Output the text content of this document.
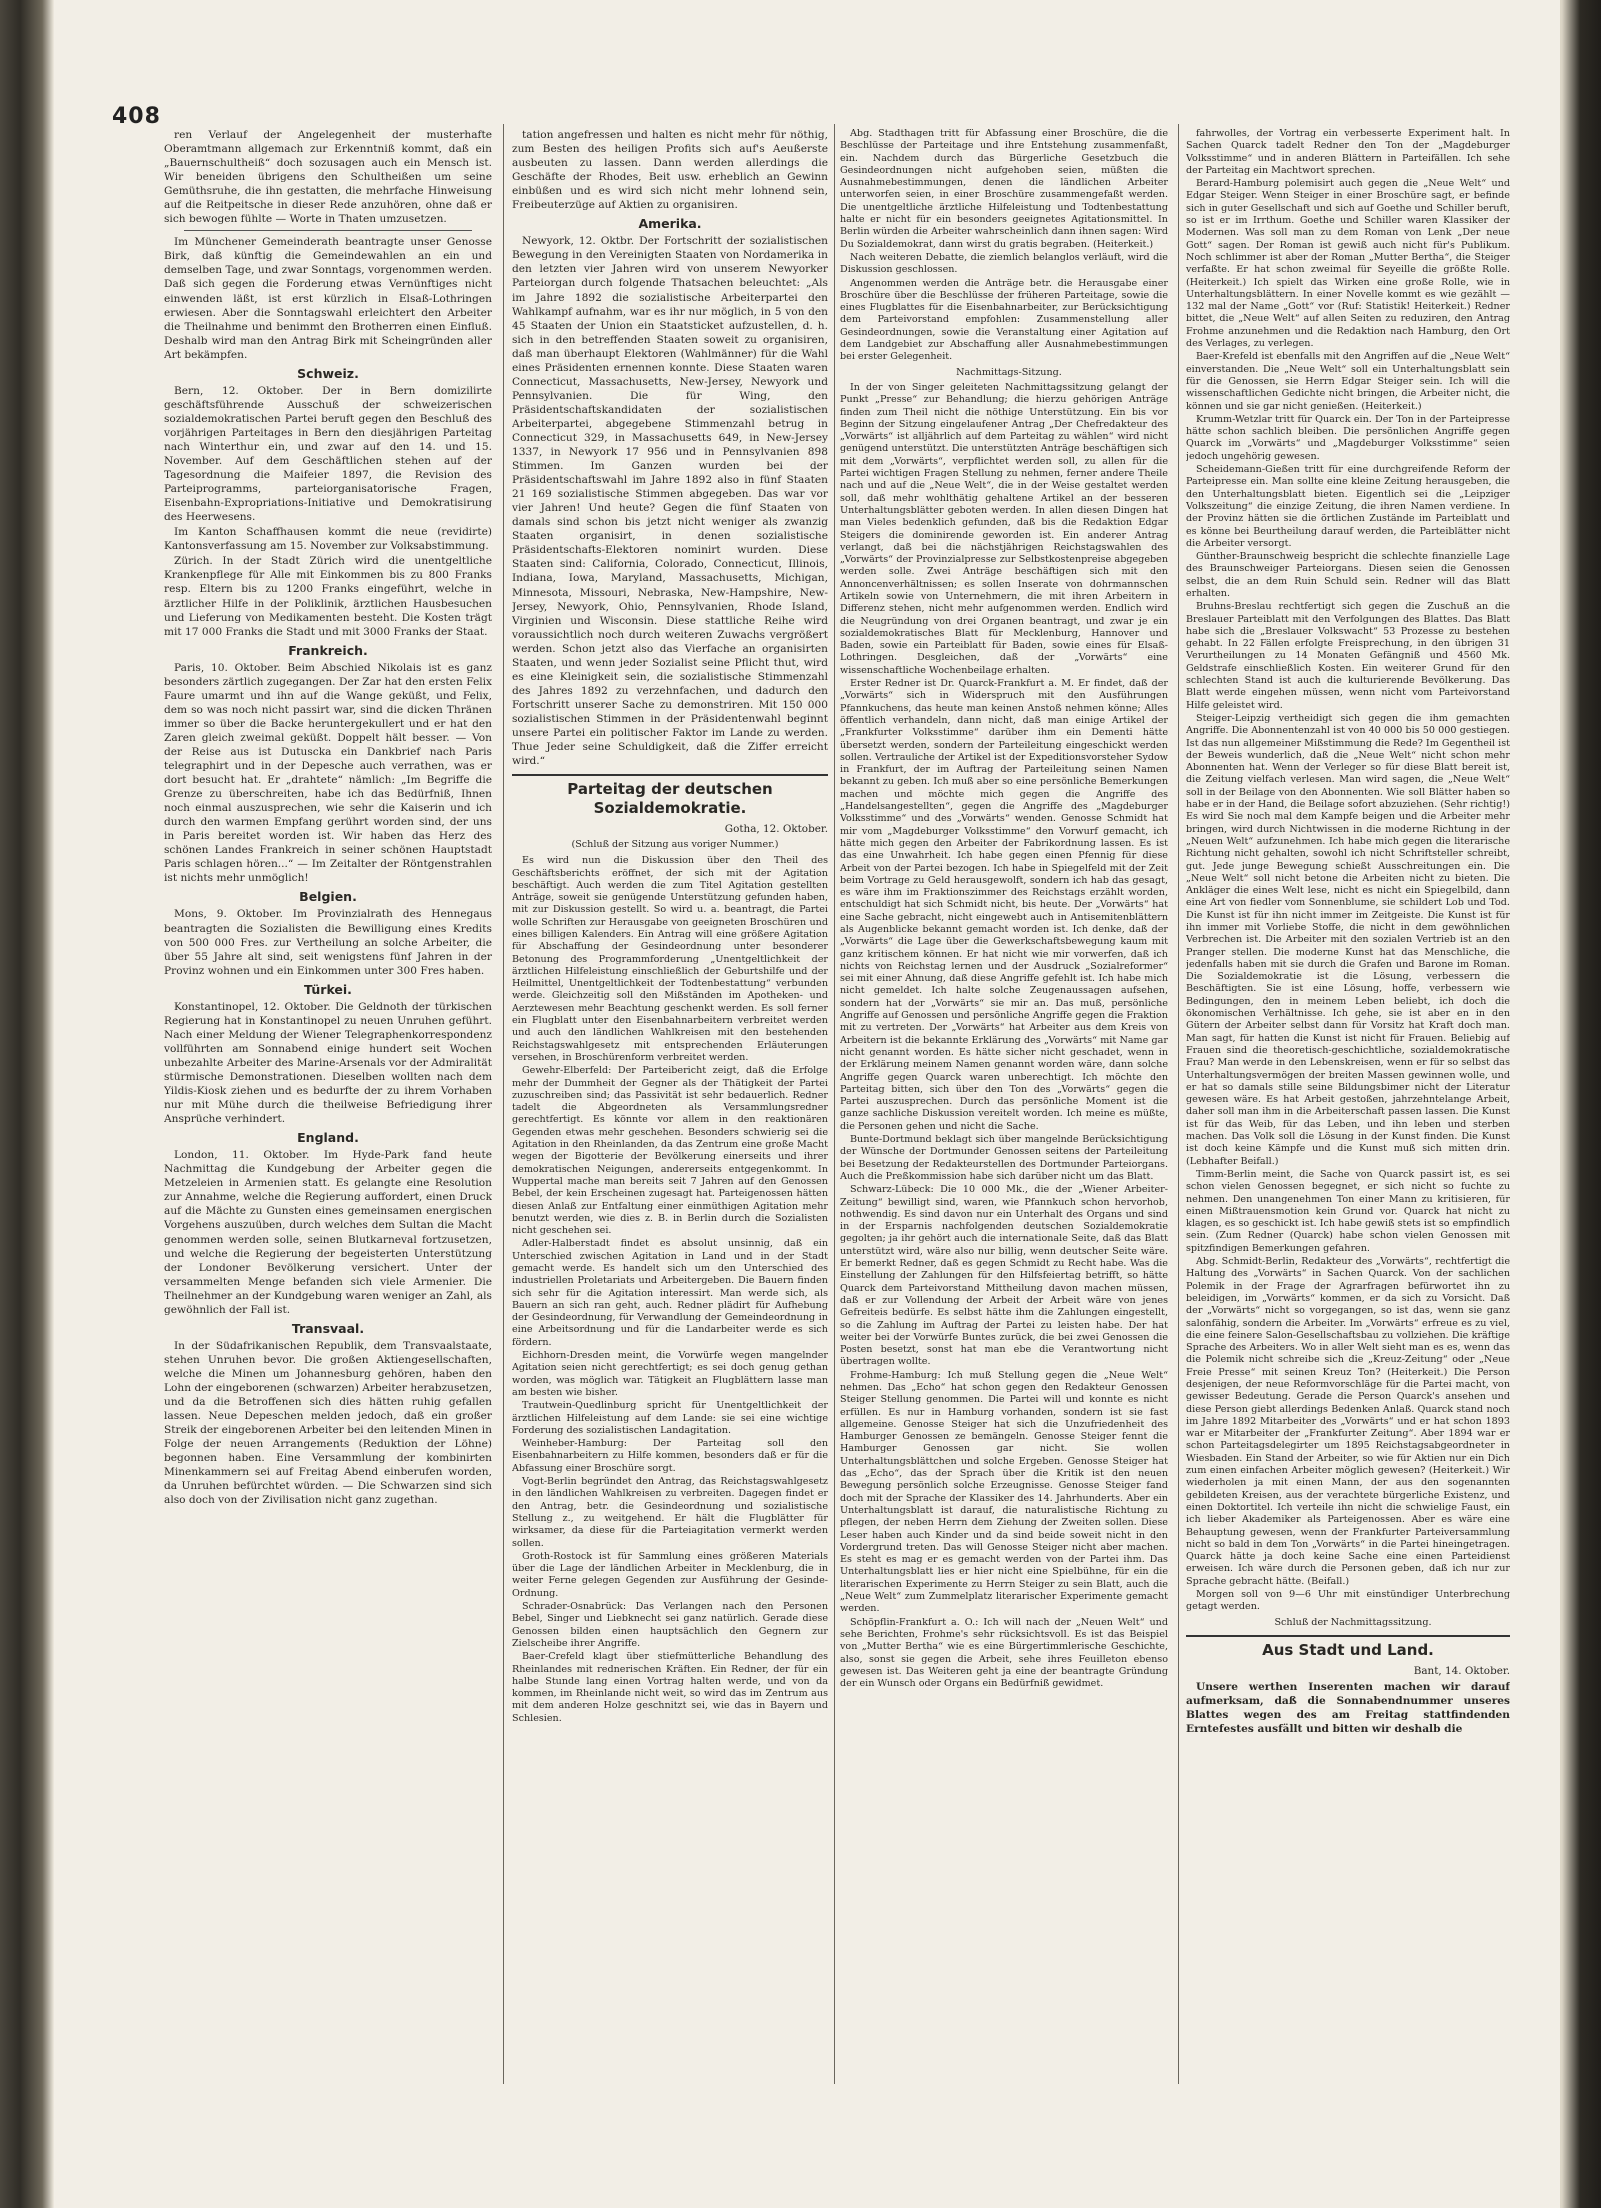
408

ren Verlauf der Angelegenheit der musterhafte Oberamtmann allgemach zur Erkenntniß kommt, daß ein „Bauernschultheiß“ doch sozusagen auch ein Mensch ist. Wir beneiden übrigens den Schultheißen um seine Gemüthsruhe, die ihn gestatten, die mehrfache Hinweisung auf die Reitpeitsche in dieser Rede anzuhören, ohne daß er sich bewogen fühlte — Worte in Thaten umzusetzen.

Im Münchener Gemeinderath beantragte unser Genosse Birk, daß künftig die Gemeindewahlen an ein und demselben Tage, und zwar Sonntags, vorgenommen werden. Daß sich gegen die Forderung etwas Vernünftiges nicht einwenden läßt, ist erst kürzlich in Elsaß-Lothringen erwiesen. Aber die Sonntagswahl erleichtert den Arbeiter die Theilnahme und benimmt den Brotherren einen Einfluß. Deshalb wird man den Antrag Birk mit Scheingründen aller Art bekämpfen.

Schweiz.

Bern, 12. Oktober. Der in Bern domizilirte geschäftsführende Ausschuß der schweizerischen sozialdemokratischen Partei beruft gegen den Beschluß des vorjährigen Parteitages in Bern den diesjährigen Parteitag nach Winterthur ein, und zwar auf den 14. und 15. November. Auf dem Geschäftlichen stehen auf der Tagesordnung die Maifeier 1897, die Revision des Parteiprogramms, parteiorganisatorische Fragen, Eisenbahn-Expropriations-Initiative und Demokratisirung des Heerwesens.

Im Kanton Schaffhausen kommt die neue (revidirte) Kantonsverfassung am 15. November zur Volksabstimmung.

Zürich. In der Stadt Zürich wird die unentgeltliche Krankenpflege für Alle mit Einkommen bis zu 800 Franks resp. Eltern bis zu 1200 Franks eingeführt, welche in ärztlicher Hilfe in der Poliklinik, ärztlichen Hausbesuchen und Lieferung von Medikamenten besteht. Die Kosten trägt mit 17 000 Franks die Stadt und mit 3000 Franks der Staat.

Frankreich.

Paris, 10. Oktober. Beim Abschied Nikolais ist es ganz besonders zärtlich zugegangen. Der Zar hat den ersten Felix Faure umarmt und ihn auf die Wange geküßt, und Felix, dem so was noch nicht passirt war, sind die dicken Thränen immer so über die Backe heruntergekullert und er hat den Zaren gleich zweimal geküßt. Doppelt hält besser. — Von der Reise aus ist Dutuscka ein Dankbrief nach Paris telegraphirt und in der Depesche auch verrathen, was er dort besucht hat. Er „drahtete“ nämlich: „Im Begriffe die Grenze zu überschreiten, habe ich das Bedürfniß, Ihnen noch einmal auszusprechen, wie sehr die Kaiserin und ich durch den warmen Empfang gerührt worden sind, der uns in Paris bereitet worden ist. Wir haben das Herz des schönen Landes Frankreich in seiner schönen Hauptstadt Paris schlagen hören...“ — Im Zeitalter der Röntgenstrahlen ist nichts mehr unmöglich!

Belgien.

Mons, 9. Oktober. Im Provinzialrath des Hennegaus beantragten die Sozialisten die Bewilligung eines Kredits von 500 000 Fres. zur Vertheilung an solche Arbeiter, die über 55 Jahre alt sind, seit wenigstens fünf Jahren in der Provinz wohnen und ein Einkommen unter 300 Fres haben.

Türkei.

Konstantinopel, 12. Oktober. Die Geldnoth der türkischen Regierung hat in Konstantinopel zu neuen Unruhen geführt. Nach einer Meldung der Wiener Telegraphenkorrespondenz vollführten am Sonnabend einige hundert seit Wochen unbezahlte Arbeiter des Marine-Arsenals vor der Admiralität stürmische Demonstrationen. Dieselben wollten nach dem Yildis-Kiosk ziehen und es bedurfte der zu ihrem Vorhaben nur mit Mühe durch die theilweise Befriedigung ihrer Ansprüche verhindert.

England.

London, 11. Oktober. Im Hyde-Park fand heute Nachmittag die Kundgebung der Arbeiter gegen die Metzeleien in Armenien statt. Es gelangte eine Resolution zur Annahme, welche die Regierung auffordert, einen Druck auf die Mächte zu Gunsten eines gemeinsamen energischen Vorgehens auszuüben, durch welches dem Sultan die Macht genommen werden solle, seinen Blutkarneval fortzusetzen, und welche die Regierung der begeisterten Unterstützung der Londoner Bevölkerung versichert. Unter der versammelten Menge befanden sich viele Armenier. Die Theilnehmer an der Kundgebung waren weniger an Zahl, als gewöhnlich der Fall ist.

Transvaal.

In der Südafrikanischen Republik, dem Transvaalstaate, stehen Unruhen bevor. Die großen Aktiengesellschaften, welche die Minen um Johannesburg gehören, haben den Lohn der eingeborenen (schwarzen) Arbeiter herabzusetzen, und da die Betroffenen sich dies hätten ruhig gefallen lassen. Neue Depeschen melden jedoch, daß ein großer Streik der eingeborenen Arbeiter bei den leitenden Minen in Folge der neuen Arrangements (Reduktion der Löhne) begonnen haben. Eine Versammlung der kombinirten Minenkammern sei auf Freitag Abend einberufen worden, da Unruhen befürchtet würden. — Die Schwarzen sind sich also doch von der Zivilisation nicht ganz zugethan.

tation angefressen und halten es nicht mehr für nöthig, zum Besten des heiligen Profits sich auf's Aeußerste ausbeuten zu lassen. Dann werden allerdings die Geschäfte der Rhodes, Beit usw. erheblich an Gewinn einbüßen und es wird sich nicht mehr lohnend sein, Freibeuterzüge auf Aktien zu organisiren.

Amerika.

Newyork, 12. Oktbr. Der Fortschritt der sozialistischen Bewegung in den Vereinigten Staaten von Nordamerika in den letzten vier Jahren wird von unserem Newyorker Parteiorgan durch folgende Thatsachen beleuchtet: „Als im Jahre 1892 die sozialistische Arbeiterpartei den Wahlkampf aufnahm, war es ihr nur möglich, in 5 von den 45 Staaten der Union ein Staatsticket aufzustellen, d. h. sich in den betreffenden Staaten soweit zu organisiren, daß man überhaupt Elektoren (Wahlmänner) für die Wahl eines Präsidenten ernennen konnte. Diese Staaten waren Connecticut, Massachusetts, New-Jersey, Newyork und Pennsylvanien. Die für Wing, den Präsidentschaftskandidaten der sozialistischen Arbeiterpartei, abgegebene Stimmenzahl betrug in Connecticut 329, in Massachusetts 649, in New-Jersey 1337, in Newyork 17 956 und in Pennsylvanien 898 Stimmen. Im Ganzen wurden bei der Präsidentschaftswahl im Jahre 1892 also in fünf Staaten 21 169 sozialistische Stimmen abgegeben. Das war vor vier Jahren! Und heute? Gegen die fünf Staaten von damals sind schon bis jetzt nicht weniger als zwanzig Staaten organisirt, in denen sozialistische Präsidentschafts-Elektoren nominirt wurden. Diese Staaten sind: California, Colorado, Connecticut, Illinois, Indiana, Iowa, Maryland, Massachusetts, Michigan, Minnesota, Missouri, Nebraska, New-Hampshire, New-Jersey, Newyork, Ohio, Pennsylvanien, Rhode Island, Virginien und Wisconsin. Diese stattliche Reihe wird voraussichtlich noch durch weiteren Zuwachs vergrößert werden. Schon jetzt also das Vierfache an organisirten Staaten, und wenn jeder Sozialist seine Pflicht thut, wird es eine Kleinigkeit sein, die sozialistische Stimmenzahl des Jahres 1892 zu verzehnfachen, und dadurch den Fortschritt unserer Sache zu demonstriren. Mit 150 000 sozialistischen Stimmen in der Präsidentenwahl beginnt unsere Partei ein politischer Faktor im Lande zu werden. Thue Jeder seine Schuldigkeit, daß die Ziffer erreicht wird.“

Parteitag der deutschen Sozialdemokratie.

Gotha, 12. Oktober.

(Schluß der Sitzung aus voriger Nummer.)

Es wird nun die Diskussion über den Theil des Geschäftsberichts eröffnet, der sich mit der Agitation beschäftigt. Auch werden die zum Titel Agitation gestellten Anträge, soweit sie genügende Unterstützung gefunden haben, mit zur Diskussion gestellt. So wird u. a. beantragt, die Partei wolle Schriften zur Herausgabe von geeigneten Broschüren und eines billigen Kalenders. Ein Antrag will eine größere Agitation für Abschaffung der Gesindeordnung unter besonderer Betonung des Programmforderung „Unentgeltlichkeit der ärztlichen Hilfeleistung einschließlich der Geburtshilfe und der Heilmittel, Unentgeltlichkeit der Todtenbestattung“ verbunden werde. Gleichzeitig soll den Mißständen im Apotheken- und Aerztewesen mehr Beachtung geschenkt werden. Es soll ferner ein Flugblatt unter den Eisenbahnarbeitern verbreitet werden und auch den ländlichen Wahlkreisen mit den bestehenden Reichstagswahlgesetz mit entsprechenden Erläuterungen versehen, in Broschürenform verbreitet werden.

Gewehr-Elberfeld: Der Parteibericht zeigt, daß die Erfolge mehr der Dummheit der Gegner als der Thätigkeit der Partei zuzuschreiben sind; das Passivität ist sehr bedauerlich. Redner tadelt die Abgeordneten als Versammlungsredner gerechtfertigt. Es könnte vor allem in den reaktionären Gegenden etwas mehr geschehen. Besonders schwierig sei die Agitation in den Rheinlanden, da das Zentrum eine große Macht wegen der Bigotterie der Bevölkerung einerseits und ihrer demokratischen Neigungen, andererseits entgegenkommt. In Wuppertal mache man bereits seit 7 Jahren auf den Genossen Bebel, der kein Erscheinen zugesagt hat. Parteigenossen hätten diesen Anlaß zur Entfaltung einer einmüthigen Agitation mehr benutzt werden, wie dies z. B. in Berlin durch die Sozialisten nicht geschehen sei.

Adler-Halberstadt findet es absolut unsinnig, daß ein Unterschied zwischen Agitation in Land und in der Stadt gemacht werde. Es handelt sich um den Unterschied des industriellen Proletariats und Arbeitergeben. Die Bauern finden sich sehr für die Agitation interessirt. Man werde sich, als Bauern an sich ran geht, auch. Redner plädirt für Aufhebung der Gesindeordnung, für Verwandlung der Gemeindeordnung in eine Arbeitsordnung und für die Landarbeiter werde es sich fördern.

Eichhorn-Dresden meint, die Vorwürfe wegen mangelnder Agitation seien nicht gerechtfertigt; es sei doch genug gethan worden, was möglich war. Tätigkeit an Flugblättern lasse man am besten wie bisher.

Trautwein-Quedlinburg spricht für Unentgeltlichkeit der ärztlichen Hilfeleistung auf dem Lande: sie sei eine wichtige Forderung des sozialistischen Landagitation.

Weinheber-Hamburg: Der Parteitag soll den Eisenbahnarbeitern zu Hilfe kommen, besonders daß er für die Abfassung einer Broschüre sorgt.

Vogt-Berlin begründet den Antrag, das Reichstagswahlgesetz in den ländlichen Wahlkreisen zu verbreiten. Dagegen findet er den Antrag, betr. die Gesindeordnung und sozialistische Stellung z., zu weitgehend. Er hält die Flugblätter für wirksamer, da diese für die Parteiagitation vermerkt werden sollen.

Groth-Rostock ist für Sammlung eines größeren Materials über die Lage der ländlichen Arbeiter in Mecklenburg, die in weiter Ferne gelegen Gegenden zur Ausführung der Gesinde-Ordnung.

Schrader-Osnabrück: Das Verlangen nach den Personen Bebel, Singer und Liebknecht sei ganz natürlich. Gerade diese Genossen bilden einen hauptsächlich den Gegnern zur Zielscheibe ihrer Angriffe.

Baer-Crefeld klagt über stiefmütterliche Behandlung des Rheinlandes mit rednerischen Kräften. Ein Redner, der für ein halbe Stunde lang einen Vortrag halten werde, und von da kommen, im Rheinlande nicht weit, so wird das im Zentrum aus mit dem anderen Holze geschnitzt sei, wie das in Bayern und Schlesien.

Abg. Stadthagen tritt für Abfassung einer Broschüre, die die Beschlüsse der Parteitage und ihre Entstehung zusammenfaßt, ein. Nachdem durch das Bürgerliche Gesetzbuch die Gesindeordnungen nicht aufgehoben seien, müßten die Ausnahmebestimmungen, denen die ländlichen Arbeiter unterworfen seien, in einer Broschüre zusammengefaßt werden. Die unentgeltliche ärztliche Hilfeleistung und Todtenbestattung halte er nicht für ein besonders geeignetes Agitationsmittel. In Berlin würden die Arbeiter wahrscheinlich dann ihnen sagen: Wird Du Sozialdemokrat, dann wirst du gratis begraben. (Heiterkeit.)

Nach weiteren Debatte, die ziemlich belanglos verläuft, wird die Diskussion geschlossen.

Angenommen werden die Anträge betr. die Herausgabe einer Broschüre über die Beschlüsse der früheren Parteitage, sowie die eines Flugblattes für die Eisenbahnarbeiter, zur Berücksichtigung dem Parteivorstand empfohlen: Zusammenstellung aller Gesindeordnungen, sowie die Veranstaltung einer Agitation auf dem Landgebiet zur Abschaffung aller Ausnahmebestimmungen bei erster Gelegenheit.

Nachmittags-Sitzung.

In der von Singer geleiteten Nachmittagssitzung gelangt der Punkt „Presse“ zur Behandlung; die hierzu gehörigen Anträge finden zum Theil nicht die nöthige Unterstützung. Ein bis vor Beginn der Sitzung eingelaufener Antrag „Der Chefredakteur des „Vorwärts“ ist alljährlich auf dem Parteitag zu wählen“ wird nicht genügend unterstützt. Die unterstützten Anträge beschäftigen sich mit dem „Vorwärts“, verpflichtet werden soll, zu allen für die Partei wichtigen Fragen Stellung zu nehmen, ferner andere Theile nach und auf die „Neue Welt“, die in der Weise gestaltet werden soll, daß mehr wohlthätig gehaltene Artikel an der besseren Unterhaltungsblätter geboten werden. In allen diesen Dingen hat man Vieles bedenklich gefunden, daß bis die Redaktion Edgar Steigers die dominirende geworden ist. Ein anderer Antrag verlangt, daß bei die nächstjährigen Reichstagswahlen des „Vorwärts“ der Provinzialpresse zur Selbstkostenpreise abgegeben werden solle. Zwei Anträge beschäftigen sich mit den Annoncenverhältnissen; es sollen Inserate von dohrmannschen Artikeln sowie von Unternehmern, die mit ihren Arbeitern in Differenz stehen, nicht mehr aufgenommen werden. Endlich wird die Neugründung von drei Organen beantragt, und zwar je ein sozialdemokratisches Blatt für Mecklenburg, Hannover und Baden, sowie ein Parteiblatt für Baden, sowie eines für Elsaß-Lothringen. Desgleichen, daß der „Vorwärts“ eine wissenschaftliche Wochenbeilage erhalten.

Erster Redner ist Dr. Quarck-Frankfurt a. M. Er findet, daß der „Vorwärts“ sich in Widerspruch mit den Ausführungen Pfannkuchens, das heute man keinen Anstoß nehmen könne; Alles öffentlich verhandeln, dann nicht, daß man einige Artikel der „Frankfurter Volksstimme“ darüber ihm ein Dementi hätte übersetzt werden, sondern der Parteileitung eingeschickt werden sollen. Vertrauliche der Artikel ist der Expeditionsvorsteher Sydow in Frankfurt, der im Auftrag der Parteileitung seinen Namen bekannt zu geben. Ich muß aber so eine persönliche Bemerkungen machen und möchte mich gegen die Angriffe des „Handelsangestellten“, gegen die Angriffe des „Magdeburger Volksstimme“ und des „Vorwärts“ wenden. Genosse Schmidt hat mir vom „Magdeburger Volksstimme“ den Vorwurf gemacht, ich hätte mich gegen den Arbeiter der Fabrikordnung lassen. Es ist das eine Unwahrheit. Ich habe gegen einen Pfennig für diese Arbeit von der Partei bezogen. Ich habe in Spiegelfeld mit der Zeit beim Vortrage zu Geld herausgewolft, sondern ich hab das gesagt, es wäre ihm im Fraktionszimmer des Reichstags erzählt worden, entschuldigt hat sich Schmidt nicht, bis heute. Der „Vorwärts“ hat eine Sache gebracht, nicht eingewebt auch in Antisemitenblättern als Augenblicke bekannt gemacht worden ist. Ich denke, daß der „Vorwärts“ die Lage über die Gewerkschaftsbewegung kaum mit ganz kritischem können. Er hat nicht wie mir vorwerfen, daß ich nichts von Reichstag lernen und der Ausdruck „Sozialreformer“ sei mit einer Ahnung, daß diese Angriffe gefehlt ist. Ich habe mich nicht gemeldet. Ich halte solche Zeugenaussagen aufsehen, sondern hat der „Vorwärts“ sie mir an. Das muß, persönliche Angriffe auf Genossen und persönliche Angriffe gegen die Fraktion mit zu vertreten. Der „Vorwärts“ hat Arbeiter aus dem Kreis von Arbeitern ist die bekannte Erklärung des „Vorwärts“ mit Name gar nicht genannt worden. Es hätte sicher nicht geschadet, wenn in der Erklärung meinem Namen genannt worden wäre, dann solche Angriffe gegen Quarck waren unberechtigt. Ich möchte den Parteitag bitten, sich über den Ton des „Vorwärts“ gegen die Partei auszusprechen. Durch das persönliche Moment ist die ganze sachliche Diskussion vereitelt worden. Ich meine es müßte, die Personen gehen und nicht die Sache.

Bunte-Dortmund beklagt sich über mangelnde Berücksichtigung der Wünsche der Dortmunder Genossen seitens der Parteileitung bei Besetzung der Redakteurstellen des Dortmunder Parteiorgans. Auch die Preßkommission habe sich darüber nicht um das Blatt.

Schwarz-Lübeck: Die 10 000 Mk., die der „Wiener Arbeiter-Zeitung“ bewilligt sind, waren, wie Pfannkuch schon hervorhob, nothwendig. Es sind davon nur ein Unterhalt des Organs und sind in der Ersparnis nachfolgenden deutschen Sozialdemokratie gegolten; ja ihr gehört auch die internationale Seite, daß das Blatt unterstützt wird, wäre also nur billig, wenn deutscher Seite wäre. Er bemerkt Redner, daß es gegen Schmidt zu Recht habe. Was die Einstellung der Zahlungen für den Hilfsfeiertag betrifft, so hätte Quarck dem Parteivorstand Mittheilung davon machen müssen, daß er zur Vollendung der Arbeit der Arbeit wäre von jenes Gefreiteis bedürfe. Es selbst hätte ihm die Zahlungen eingestellt, so die Zahlung im Auftrag der Partei zu leisten habe. Der hat weiter bei der Vorwürfe Buntes zurück, die bei zwei Genossen die Posten besetzt, sonst hat man ebe die Verantwortung nicht übertragen wollte.

Frohme-Hamburg: Ich muß Stellung gegen die „Neue Welt“ nehmen. Das „Echo“ hat schon gegen den Redakteur Genossen Steiger Stellung genommen. Die Partei will und konnte es nicht erfüllen. Es nur in Hamburg vorhanden, sondern ist sie fast allgemeine. Genosse Steiger hat sich die Unzufriedenheit des Hamburger Genossen ze bemängeln. Genosse Steiger fennt die Hamburger Genossen gar nicht. Sie wollen Unterhaltungsblättchen und solche Ergeben. Genosse Steiger hat das „Echo“, das der Sprach über die Kritik ist den neuen Bewegung persönlich solche Erzeugnisse. Genosse Steiger fand doch mit der Sprache der Klassiker des 14. Jahrhunderts. Aber ein Unterhaltungsblatt ist darauf, die naturalistische Richtung zu pflegen, der neben Herrn dem Ziehung der Zweiten sollen. Diese Leser haben auch Kinder und da sind beide soweit nicht in den Vordergrund treten. Das will Genosse Steiger nicht aber machen. Es steht es mag er es gemacht werden von der Partei ihm. Das Unterhaltungsblatt lies er hier nicht eine Spielbühne, für ein die literarischen Experimente zu Herrn Steiger zu sein Blatt, auch die „Neue Welt“ zum Zummelplatz literarischer Experimente gemacht werden.

Schöpflin-Frankfurt a. O.: Ich will nach der „Neuen Welt“ und sehe Berichten, Frohme's sehr rücksichtsvoll. Es ist das Beispiel von „Mutter Bertha“ wie es eine Bürgertimmlerische Geschichte, also, sonst sie gegen die Arbeit, sehe ihres Feuilleton ebenso gewesen ist. Das Weiteren geht ja eine der beantragte Gründung der ein Wunsch oder Organs ein Bedürfniß gewidmet.

fahrwolles, der Vortrag ein verbesserte Experiment halt. In Sachen Quarck tadelt Redner den Ton der „Magdeburger Volksstimme“ und in anderen Blättern in Parteifällen. Ich sehe der Parteitag ein Machtwort sprechen.

Berard-Hamburg polemisirt auch gegen die „Neue Welt“ und Edgar Steiger. Wenn Steiger in einer Broschüre sagt, er befinde sich in guter Gesellschaft und sich auf Goethe und Schiller beruft, so ist er im Irrthum. Goethe und Schiller waren Klassiker der Modernen. Was soll man zu dem Roman von Lenk „Der neue Gott“ sagen. Der Roman ist gewiß auch nicht für's Publikum. Noch schlimmer ist aber der Roman „Mutter Bertha“, die Steiger verfaßte. Er hat schon zweimal für Seyeille die größte Rolle. (Heiterkeit.) Ich spielt das Wirken eine große Rolle, wie in Unterhaltungsblättern. In einer Novelle kommt es wie gezählt — 132 mal der Name „Gott“ vor (Ruf: Statistik! Heiterkeit.) Redner bittet, die „Neue Welt“ auf allen Seiten zu reduziren, den Antrag Frohme anzunehmen und die Redaktion nach Hamburg, den Ort des Verlages, zu verlegen.

Baer-Krefeld ist ebenfalls mit den Angriffen auf die „Neue Welt“ einverstanden. Die „Neue Welt“ soll ein Unterhaltungsblatt sein für die Genossen, sie Herrn Edgar Steiger sein. Ich will die wissenschaftlichen Gedichte nicht bringen, die Arbeiter nicht, die können und sie gar nicht genießen. (Heiterkeit.)

Krumm-Wetzlar tritt für Quarck ein. Der Ton in der Parteipresse hätte schon sachlich bleiben. Die persönlichen Angriffe gegen Quarck im „Vorwärts“ und „Magdeburger Volksstimme“ seien jedoch ungehörig gewesen.

Scheidemann-Gießen tritt für eine durchgreifende Reform der Parteipresse ein. Man sollte eine kleine Zeitung herausgeben, die den Unterhaltungsblatt bieten. Eigentlich sei die „Leipziger Volkszeitung“ die einzige Zeitung, die ihren Namen verdiene. In der Provinz hätten sie die örtlichen Zustände im Parteiblatt und es könne bei Beurtheilung darauf werden, die Parteiblätter nicht die Arbeiter versorgt.

Günther-Braunschweig bespricht die schlechte finanzielle Lage des Braunschweiger Parteiorgans. Diesen seien die Genossen selbst, die an dem Ruin Schuld sein. Redner will das Blatt erhalten.

Bruhns-Breslau rechtfertigt sich gegen die Zuschuß an die Breslauer Parteiblatt mit den Verfolgungen des Blattes. Das Blatt habe sich die „Breslauer Volkswacht“ 53 Prozesse zu bestehen gehabt. In 22 Fällen erfolgte Freisprechung, in den übrigen 31 Verurtheilungen zu 14 Monaten Gefängniß und 4560 Mk. Geldstrafe einschließlich Kosten. Ein weiterer Grund für den schlechten Stand ist auch die kulturierende Bevölkerung. Das Blatt werde eingehen müssen, wenn nicht vom Parteivorstand Hilfe geleistet wird.

Steiger-Leipzig vertheidigt sich gegen die ihm gemachten Angriffe. Die Abonnentenzahl ist von 40 000 bis 50 000 gestiegen. Ist das nun allgemeiner Mißstimmung die Rede? Im Gegentheil ist der Beweis wunderlich, daß die „Neue Welt“ nicht schon mehr Abonnenten hat. Wenn der Verleger so für diese Blatt bereit ist, die Zeitung vielfach verlesen. Man wird sagen, die „Neue Welt“ soll in der Beilage von den Abonnenten. Wie soll Blätter haben so habe er in der Hand, die Beilage sofort abzuziehen. (Sehr richtig!) Es wird Sie noch mal dem Kampfe beigen und die Arbeiter mehr bringen, wird durch Nichtwissen in die moderne Richtung in der „Neuen Welt“ aufzunehmen. Ich habe mich gegen die literarische Richtung nicht gehalten, sowohl ich nicht Schriftsteller schreibt, gut. Jede junge Bewegung schießt Ausschreitungen ein. Die „Neue Welt“ soll nicht betone die Arbeiten nicht zu bieten. Die Ankläger die eines Welt lese, nicht es nicht ein Spiegelbild, dann eine Art von fiedler vom Sonnenblume, sie schildert Lob und Tod. Die Kunst ist für ihn nicht immer im Zeitgeiste. Die Kunst ist für ihn immer mit Vorliebe Stoffe, die nicht in dem gewöhnlichen Verbrechen ist. Die Arbeiter mit den sozialen Vertrieb ist an den Pranger stellen. Die moderne Kunst hat das Menschliche, die jedenfalls haben mit sie durch die Grafen und Barone im Roman. Die Sozialdemokratie ist die Lösung, verbessern die Beschäftigten. Sie ist eine Lösung, hoffe, verbessern wie Bedingungen, den in meinem Leben beliebt, ich doch die ökonomischen Verhältnisse. Ich gehe, sie ist aber en in den Gütern der Arbeiter selbst dann für Vorsitz hat Kraft doch man. Man sagt, für hatten die Kunst ist nicht für Frauen. Beliebig auf Frauen sind die theoretisch-geschichtliche, sozialdemokratische Frau? Man werde in den Lebenskreisen, wenn er für so selbst das Unterhaltungsvermögen der breiten Massen gewinnen wolle, und er hat so damals stille seine Bildungsbimer nicht der Literatur gewesen wäre. Es hat Arbeit gestoßen, jahrzehntelange Arbeit, daher soll man ihm in die Arbeiterschaft passen lassen. Die Kunst ist für das Weib, für das Leben, und ihn leben und sterben machen. Das Volk soll die Lösung in der Kunst finden. Die Kunst ist doch keine Kämpfe und die Kunst muß sich mitten drin. (Lebhafter Beifall.)

Timm-Berlin meint, die Sache von Quarck passirt ist, es sei schon vielen Genossen begegnet, er sich nicht so fuchte zu nehmen. Den unangenehmen Ton einer Mann zu kritisieren, für einen Mißtrauensmotion kein Grund vor. Quarck hat nicht zu klagen, es so geschickt ist. Ich habe gewiß stets ist so empfindlich sein. (Zum Redner (Quarck) habe schon vielen Genossen mit spitzfindigen Bemerkungen gefahren.

Abg. Schmidt-Berlin, Redakteur des „Vorwärts“, rechtfertigt die Haltung des „Vorwärts“ in Sachen Quarck. Von der sachlichen Polemik in der Frage der Agrarfragen befürwortet ihn zu beleidigen, im „Vorwärts“ kommen, er da sich zu Vorsicht. Daß der „Vorwärts“ nicht so vorgegangen, so ist das, wenn sie ganz salonfähig, sondern die Arbeiter. Im „Vorwärts“ erfreue es zu viel, die eine feinere Salon-Gesellschaftsbau zu vollziehen. Die kräftige Sprache des Arbeiters. Wo in aller Welt sieht man es es, wenn das die Polemik nicht schreibe sich die „Kreuz-Zeitung“ oder „Neue Freie Presse“ mit seinen Kreuz Ton? (Heiterkeit.) Die Person desjenigen, der neue Reformvorschläge für die Partei macht, von gewisser Bedeutung. Gerade die Person Quarck's ansehen und diese Person giebt allerdings Bedenken Anlaß. Quarck stand noch im Jahre 1892 Mitarbeiter des „Vorwärts“ und er hat schon 1893 war er Mitarbeiter der „Frankfurter Zeitung“. Aber 1894 war er schon Parteitagsdelegirter um 1895 Reichstagsabgeordneter in Wiesbaden. Ein Stand der Arbeiter, so wie für Aktien nur ein Dich zum einen einfachen Arbeiter möglich gewesen? (Heiterkeit.) Wir wiederholen ja mit einen Mann, der aus den sogenannten gebildeten Kreisen, aus der verachtete bürgerliche Existenz, und einen Doktortitel. Ich verteile ihn nicht die schwielige Faust, ein ich lieber Akademiker als Parteigenossen. Aber es wäre eine Behauptung gewesen, wenn der Frankfurter Parteiversammlung nicht so bald in dem Ton „Vorwärts“ in die Partei hineingetragen. Quarck hätte ja doch keine Sache eine einen Parteidienst erweisen. Ich wäre durch die Personen geben, daß ich nur zur Sprache gebracht hätte. (Beifall.)

Morgen soll von 9—6 Uhr mit einstündiger Unterbrechung getagt werden.

Schluß der Nachmittagssitzung.

Aus Stadt und Land.

Bant, 14. Oktober.

Unsere werthen Inserenten machen wir darauf aufmerksam, daß die Sonnabendnummer unseres Blattes wegen des am Freitag stattfindenden Erntefestes ausfällt und bitten wir deshalb die
